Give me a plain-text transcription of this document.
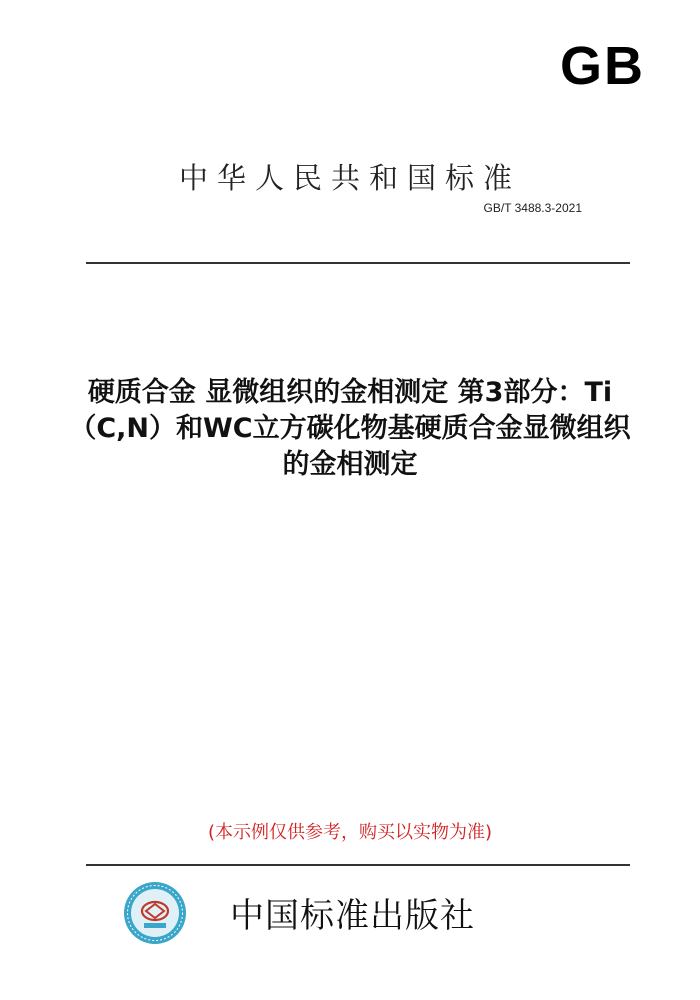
GB
中华人民共和国标准
GB/T 3488.3-2021
硬质合金 显微组织的金相测定 第3部分：Ti
（C,N）和WC立方碳化物基硬质合金显微组织
的金相测定
(本示例仅供参考，购买以实物为准)
中国标准出版社
